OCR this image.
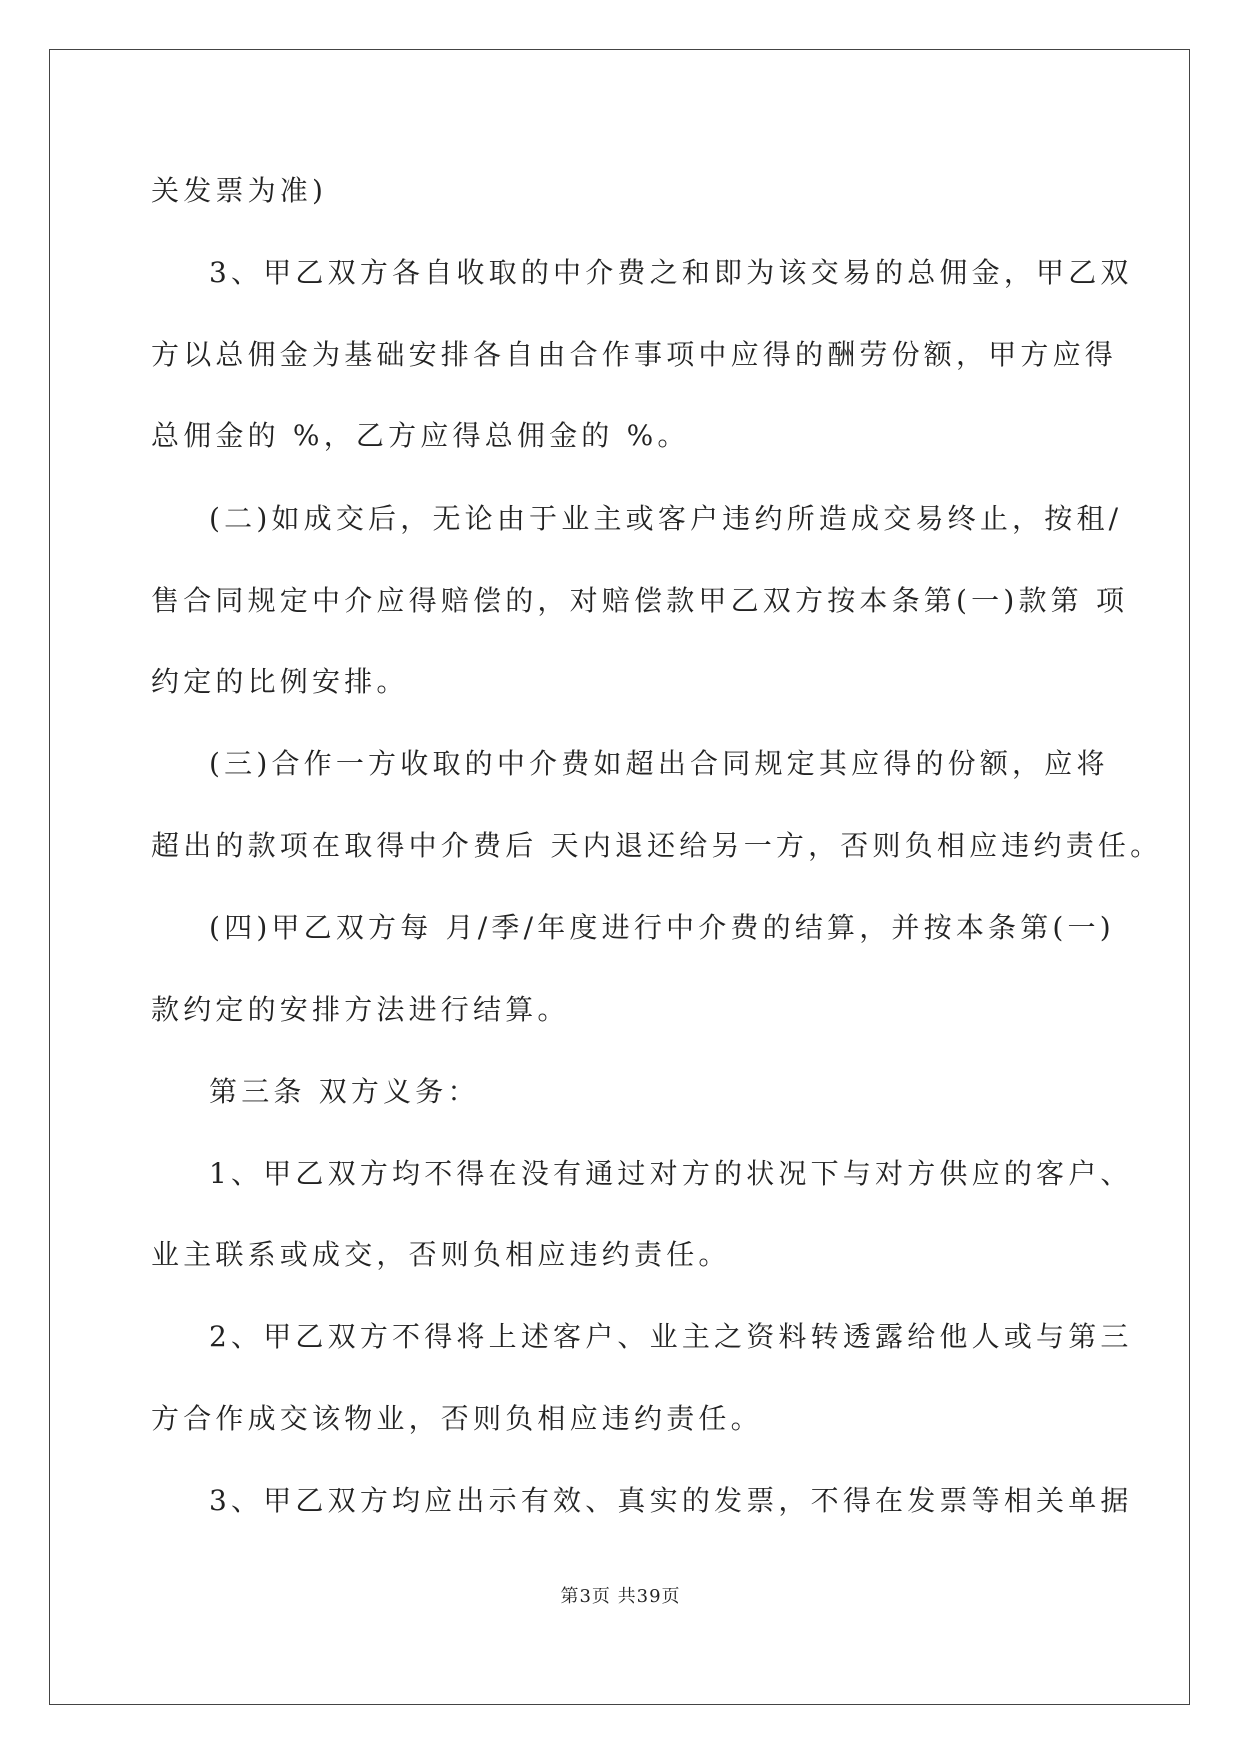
关发票为准)

3、甲乙双方各自收取的中介费之和即为该交易的总佣金，甲乙双

方以总佣金为基础安排各自由合作事项中应得的酬劳份额，甲方应得

总佣金的 %，乙方应得总佣金的 %。

(二)如成交后，无论由于业主或客户违约所造成交易终止，按租/

售合同规定中介应得赔偿的，对赔偿款甲乙双方按本条第(一)款第 项

约定的比例安排。

(三)合作一方收取的中介费如超出合同规定其应得的份额，应将

超出的款项在取得中介费后 天内退还给另一方，否则负相应违约责任。

(四)甲乙双方每 月/季/年度进行中介费的结算，并按本条第(一)

款约定的安排方法进行结算。

第三条 双方义务：

1、甲乙双方均不得在没有通过对方的状况下与对方供应的客户、

业主联系或成交，否则负相应违约责任。

2、甲乙双方不得将上述客户、业主之资料转透露给他人或与第三

方合作成交该物业，否则负相应违约责任。

3、甲乙双方均应出示有效、真实的发票，不得在发票等相关单据

第3页 共39页
